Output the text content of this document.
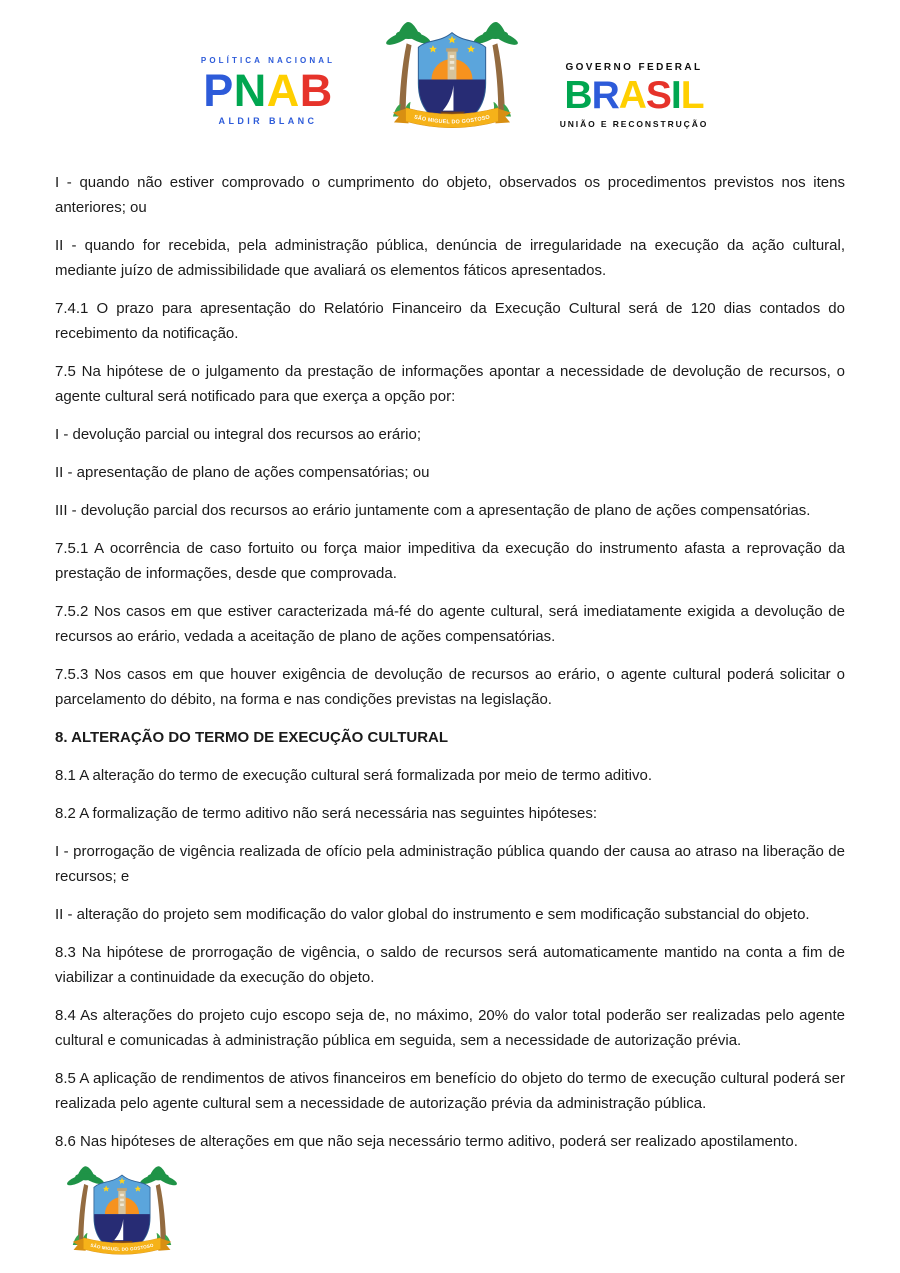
POLÍTICA NACIONAL
PNAB
ALDIR BLANC
GOVERNO FEDERAL
BRASIL
UNIÃO E RECONSTRUÇÃO

I - quando não estiver comprovado o cumprimento do objeto, observados os procedimentos previstos nos itens anteriores; ou

II - quando for recebida, pela administração pública, denúncia de irregularidade na execução da ação cultural, mediante juízo de admissibilidade que avaliará os elementos fáticos apresentados.

7.4.1 O prazo para apresentação do Relatório Financeiro da Execução Cultural será de 120 dias contados do recebimento da notificação.

7.5 Na hipótese de o julgamento da prestação de informações apontar a necessidade de devolução de recursos, o agente cultural será notificado para que exerça a opção por:

I - devolução parcial ou integral dos recursos ao erário;

II - apresentação de plano de ações compensatórias; ou

III - devolução parcial dos recursos ao erário juntamente com a apresentação de plano de ações compensatórias.

7.5.1 A ocorrência de caso fortuito ou força maior impeditiva da execução do instrumento afasta a reprovação da prestação de informações, desde que comprovada.

7.5.2 Nos casos em que estiver caracterizada má-fé do agente cultural, será imediatamente exigida a devolução de recursos ao erário, vedada a aceitação de plano de ações compensatórias.

7.5.3 Nos casos em que houver exigência de devolução de recursos ao erário, o agente cultural poderá solicitar o parcelamento do débito, na forma e nas condições previstas na legislação.

8. ALTERAÇÃO DO TERMO DE EXECUÇÃO CULTURAL

8.1 A alteração do termo de execução cultural será formalizada por meio de termo aditivo.

8.2 A formalização de termo aditivo não será necessária nas seguintes hipóteses:

I - prorrogação de vigência realizada de ofício pela administração pública quando der causa ao atraso na liberação de recursos; e

II - alteração do projeto sem modificação do valor global do instrumento e sem modificação substancial do objeto.

8.3 Na hipótese de prorrogação de vigência, o saldo de recursos será automaticamente mantido na conta a fim de viabilizar a continuidade da execução do objeto.

8.4 As alterações do projeto cujo escopo seja de, no máximo, 20% do valor total poderão ser realizadas pelo agente cultural e comunicadas à administração pública em seguida, sem a necessidade de autorização prévia.

8.5 A aplicação de rendimentos de ativos financeiros em benefício do objeto do termo de execução cultural poderá ser realizada pelo agente cultural sem a necessidade de autorização prévia da administração pública.

8.6 Nas hipóteses de alterações em que não seja necessário termo aditivo, poderá ser realizado apostilamento.
